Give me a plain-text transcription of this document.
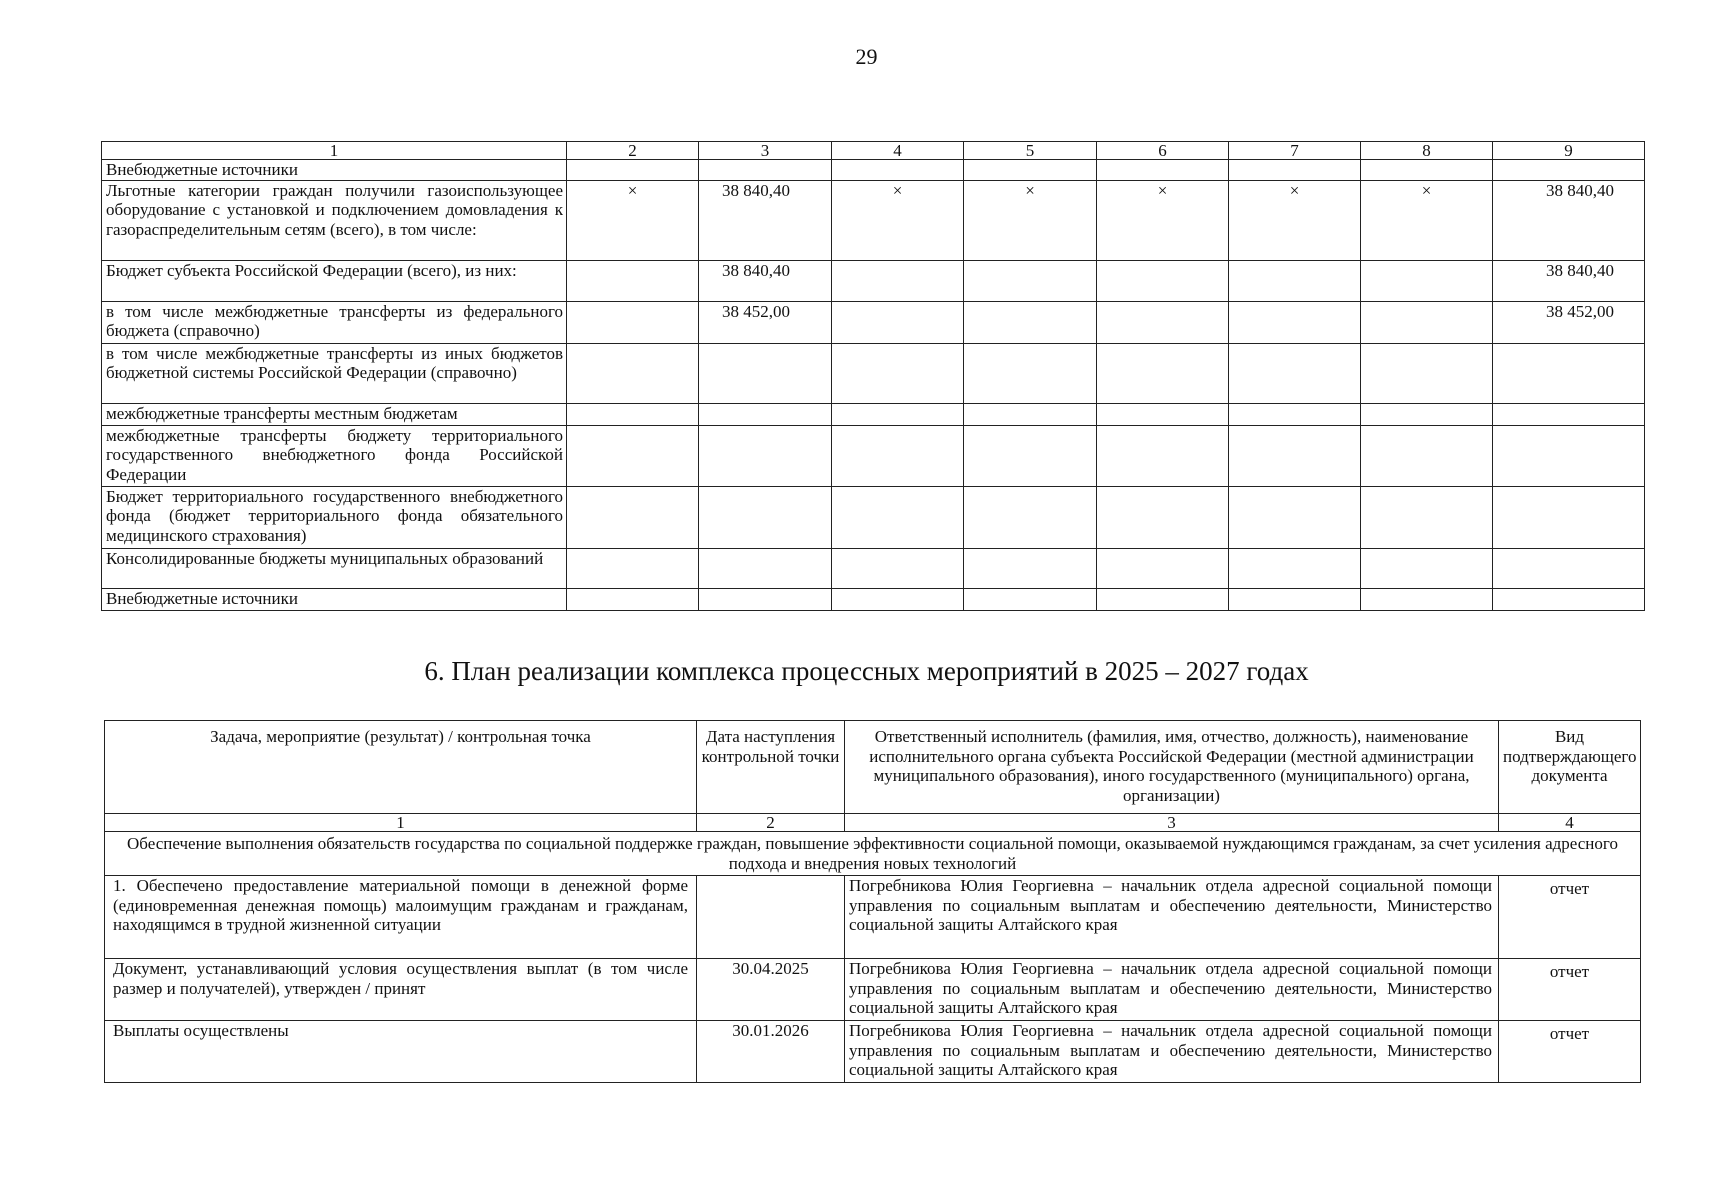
29
1	2	3	4	5	6	7	8	9
Внебюджетные источники								
Льготные категории граждан получили газоиспользующее оборудование с установкой и подключением домовладения к газораспределительным сетям (всего), в том числе:	×	38 840,40	×	×	×	×	×	38 840,40
Бюджет субъекта Российской Федерации (всего), из них:		38 840,40						38 840,40
в том числе межбюджетные трансферты из федерального бюджета (справочно)		38 452,00						38 452,00
в том числе межбюджетные трансферты из иных бюджетов бюджетной системы Российской Федерации (справочно)								
межбюджетные трансферты местным бюджетам								
межбюджетные трансферты бюджету территориального государственного внебюджетного фонда Российской Федерации								
Бюджет территориального государственного внебюджетного фонда (бюджет территориального фонда обязательного медицинского страхования)								
Консолидированные бюджеты муниципальных образований								
Внебюджетные источники								
6. План реализации комплекса процессных мероприятий в 2025 – 2027 годах
Задача, мероприятие (результат) / контрольная точка	Дата наступления контрольной точки	Ответственный исполнитель (фамилия, имя, отчество, должность), наименование исполнительного органа субъекта Российской Федерации (местной администрации муниципального образования), иного государственного (муниципального) органа, организации)	Вид подтверждающего документа
1	2	3	4
Обеспечение выполнения обязательств государства по социальной поддержке граждан, повышение эффективности социальной помощи, оказываемой нуждающимся гражданам, за счет усиления адресного подхода и внедрения новых технологий			
1. Обеспечено предоставление материальной помощи в денежной форме (единовременная денежная помощь) малоимущим гражданам и гражданам, находящимся в трудной жизненной ситуации		Погребникова Юлия Георгиевна – начальник отдела адресной социальной помощи управления по социальным выплатам и обеспечению деятельности, Министерство социальной защиты Алтайского края	отчет
Документ, устанавливающий условия осуществления выплат (в том числе размер и получателей), утвержден / принят	30.04.2025	Погребникова Юлия Георгиевна – начальник отдела адресной социальной помощи управления по социальным выплатам и обеспечению деятельности, Министерство социальной защиты Алтайского края	отчет
Выплаты осуществлены	30.01.2026	Погребникова Юлия Георгиевна – начальник отдела адресной социальной помощи управления по социальным выплатам и обеспечению деятельности, Министерство социальной защиты Алтайского края	отчет
